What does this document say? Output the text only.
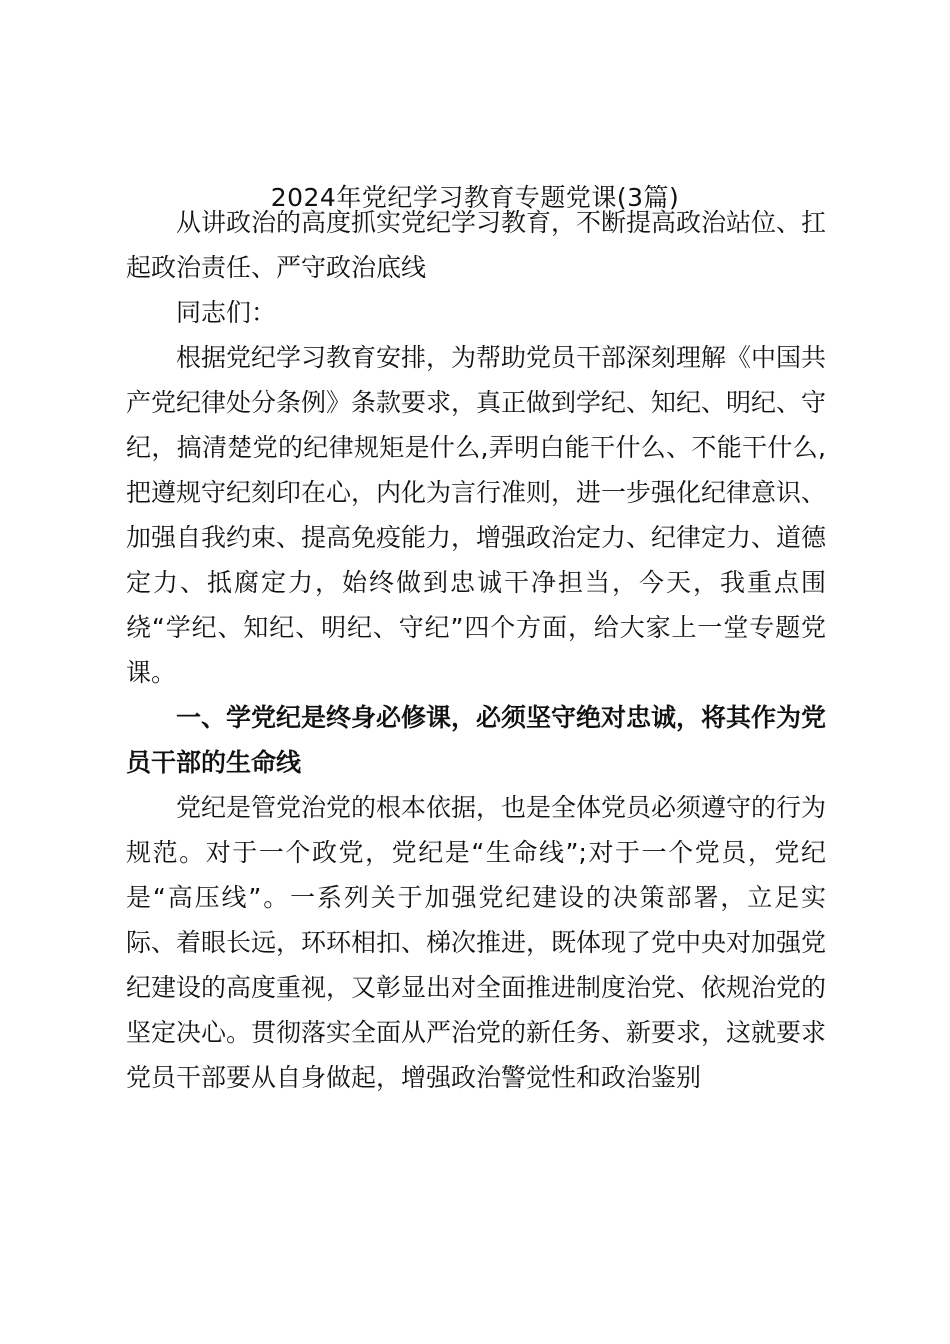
2024年党纪学习教育专题党课(3篇)

从讲政治的高度抓实党纪学习教育，不断提高政治站位、扛起政治责任、严守政治底线

同志们：

根据党纪学习教育安排，为帮助党员干部深刻理解《中国共产党纪律处分条例》条款要求，真正做到学纪、知纪、明纪、守纪，搞清楚党的纪律规矩是什么,弄明白能干什么、不能干什么,把遵规守纪刻印在心，内化为言行准则，进一步强化纪律意识、加强自我约束、提高免疫能力，增强政治定力、纪律定力、道德定力、抵腐定力，始终做到忠诚干净担当，今天，我重点围绕“学纪、知纪、明纪、守纪”四个方面，给大家上一堂专题党课。

一、学党纪是终身必修课，必须坚守绝对忠诚，将其作为党员干部的生命线

党纪是管党治党的根本依据，也是全体党员必须遵守的行为规范。对于一个政党，党纪是“生命线”;对于一个党员，党纪是“高压线”。一系列关于加强党纪建设的决策部署，立足实际、着眼长远，环环相扣、梯次推进，既体现了党中央对加强党纪建设的高度重视，又彰显出对全面推进制度治党、依规治党的坚定决心。贯彻落实全面从严治党的新任务、新要求，这就要求党员干部要从自身做起，增强政治警觉性和政治鉴别
